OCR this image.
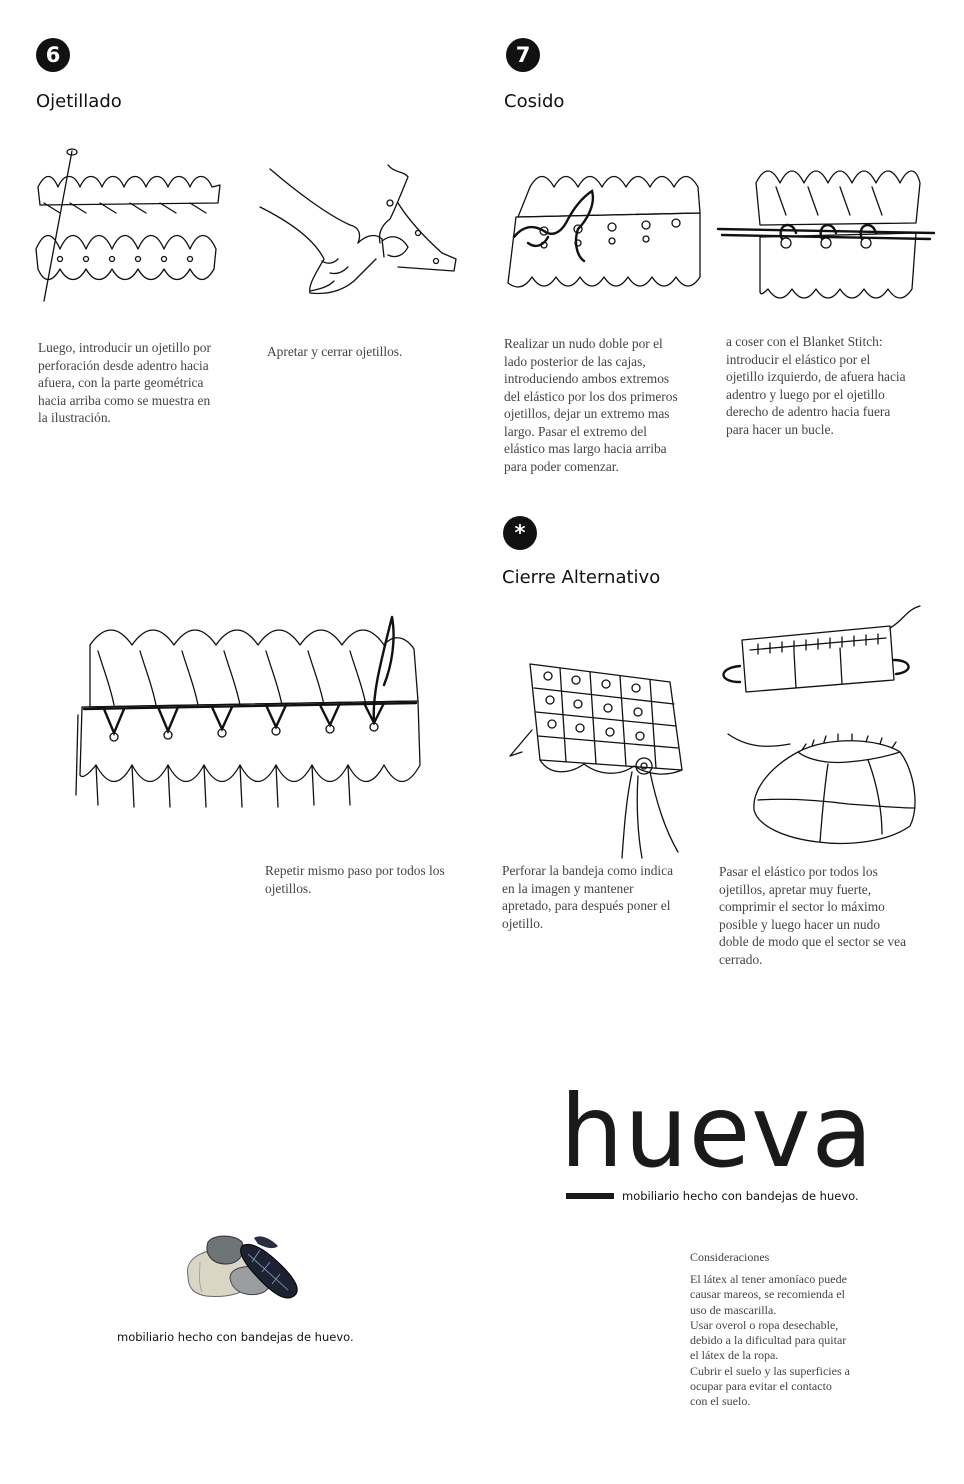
6
Ojetillado
Luego, introducir un ojetillo por
perforación desde adentro hacia
afuera, con la parte geométrica
hacia arriba como se muestra en
la ilustración.
Apretar y cerrar ojetillos.
7
Cosido
Realizar un nudo doble por el
lado posterior de las cajas,
introduciendo ambos extremos
del elástico por los dos primeros
ojetillos, dejar un extremo mas
largo. Pasar el extremo del
elástico mas largo hacia arriba
para poder comenzar.
a coser con el Blanket Stitch:
introducir el elástico por el
ojetillo izquierdo, de afuera hacia
adentro y luego por el ojetillo
derecho de adentro hacia fuera
para hacer un bucle.
Repetir mismo paso por todos los
ojetillos.
*
Cierre Alternativo
Perforar la bandeja como indica
en la imagen y mantener
apretado, para después poner el
ojetillo.
Pasar el elástico por todos los
ojetillos, apretar muy fuerte,
comprimir el sector lo máximo
posible y luego hacer un nudo
doble de modo que el sector se vea
cerrado.
hueva
mobiliario hecho con bandejas de huevo.
mobiliario hecho con bandejas de huevo.
Consideraciones
El látex al tener amoníaco puede
causar mareos, se recomienda el
uso de mascarilla.
Usar overol o ropa desechable,
debido a la dificultad para quitar
el látex de la ropa.
Cubrir el suelo y las superficies a
ocupar para evitar el contacto
con el suelo.
